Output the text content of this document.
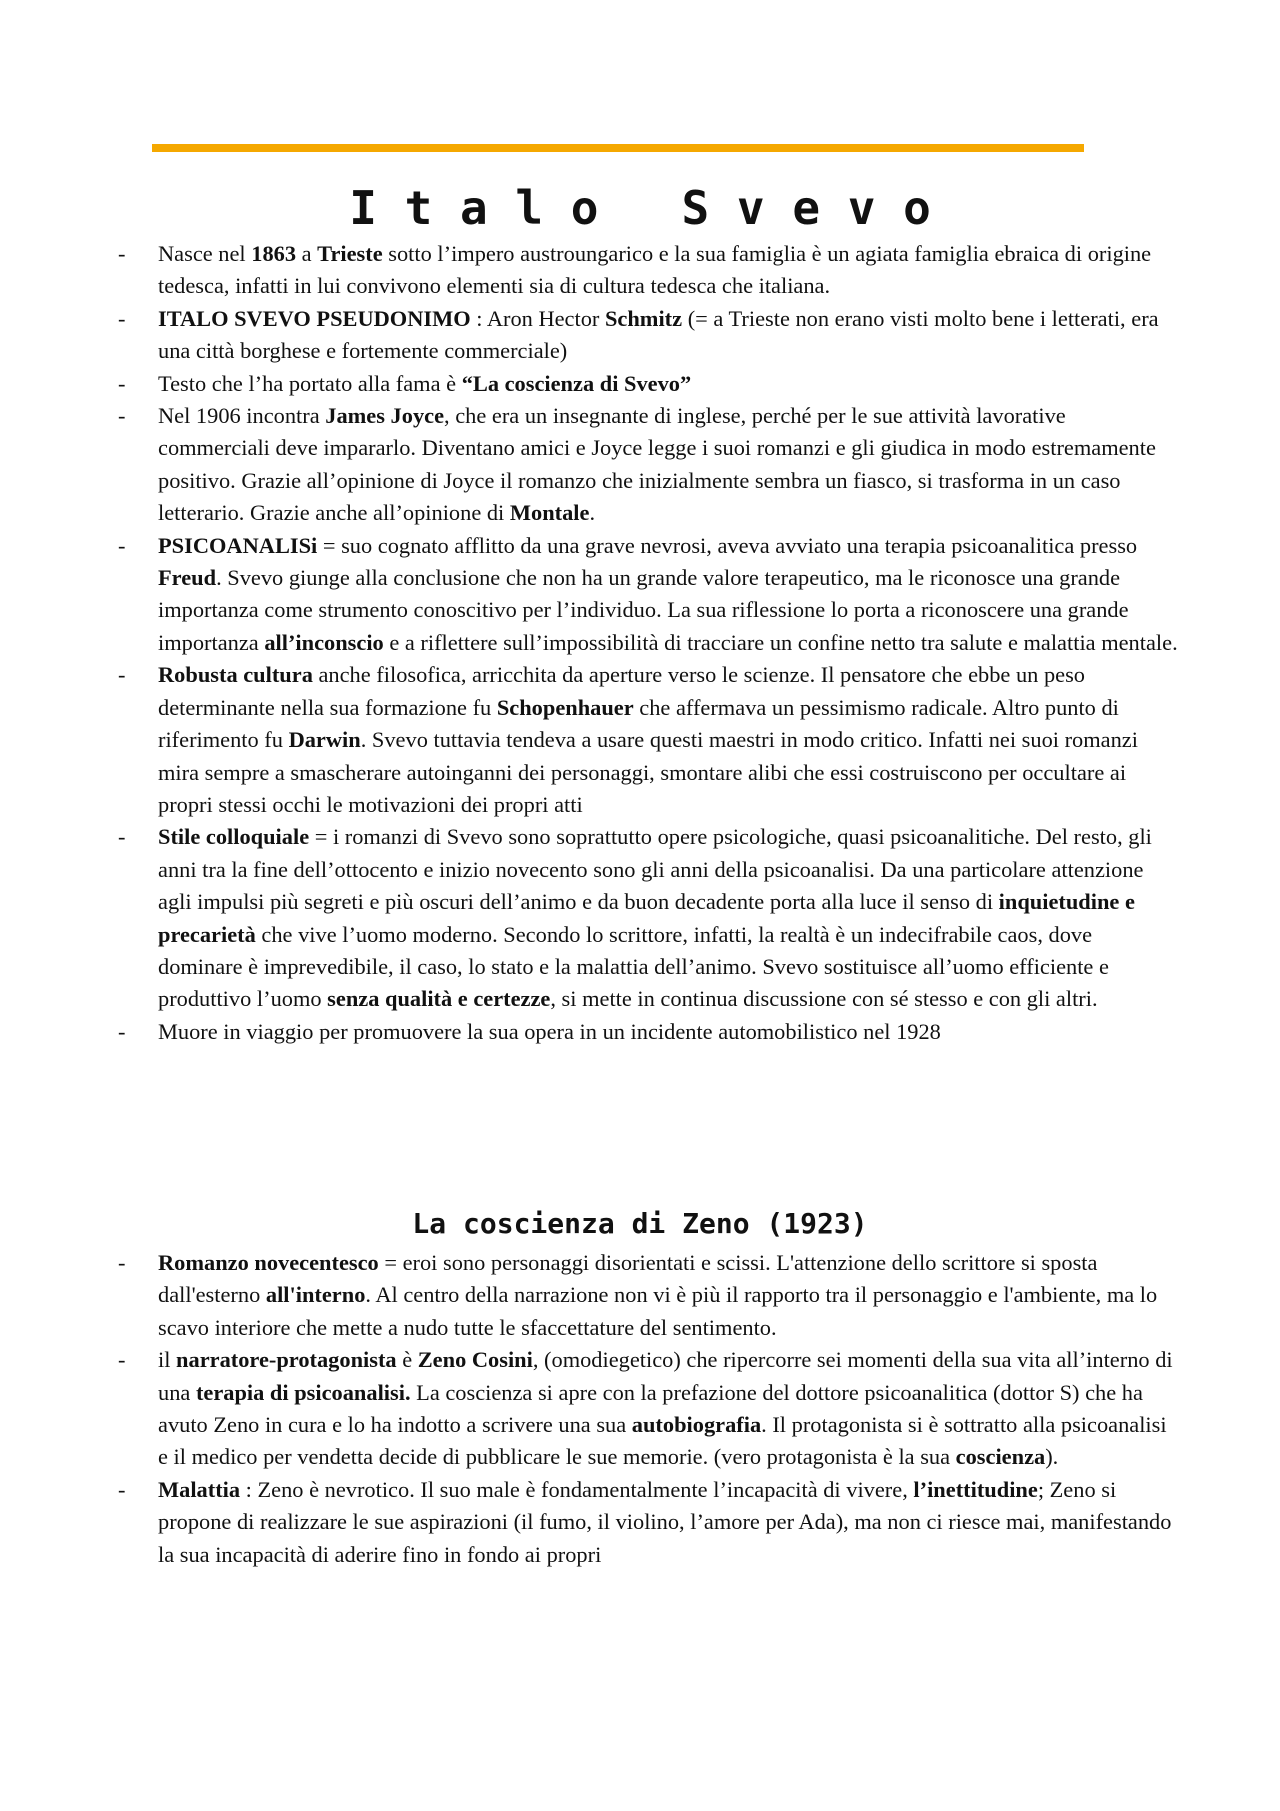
I t a l o   S v e v o
-	Nasce nel 1863 a Trieste sotto l’impero austroungarico e la sua famiglia è un agiata famiglia ebraica di origine tedesca, infatti in lui convivono elementi sia di cultura tedesca che italiana.
-	ITALO SVEVO PSEUDONIMO : Aron Hector Schmitz (= a Trieste non erano visti molto bene i letterati, era una città borghese e fortemente commerciale)
-	Testo che l’ha portato alla fama è “La coscienza di Svevo”
-	Nel 1906 incontra James Joyce, che era un insegnante di inglese, perché per le sue attività lavorative commerciali deve impararlo. Diventano amici e Joyce legge i suoi romanzi e gli giudica in modo estremamente positivo. Grazie all’opinione di Joyce il romanzo che inizialmente sembra un fiasco, si trasforma in un caso letterario. Grazie anche all’opinione di Montale.
-	PSICOANALISi = suo cognato afflitto da una grave nevrosi, aveva avviato una terapia psicoanalitica presso Freud. Svevo giunge alla conclusione che non ha un grande valore terapeutico, ma le riconosce una grande importanza come strumento conoscitivo per l’individuo. La sua riflessione lo porta a riconoscere una grande importanza all’inconscio e a riflettere sull’impossibilità di tracciare un confine netto tra salute e malattia mentale.
-	Robusta cultura anche filosofica, arricchita da aperture verso le scienze. Il pensatore che ebbe un peso determinante nella sua formazione fu Schopenhauer che affermava un pessimismo radicale. Altro punto di riferimento fu Darwin. Svevo tuttavia tendeva a usare questi maestri in modo critico. Infatti nei suoi romanzi mira sempre a smascherare autoinganni dei personaggi, smontare alibi che essi costruiscono per occultare ai propri stessi occhi le motivazioni dei propri atti
-	Stile colloquiale = i romanzi di Svevo sono soprattutto opere psicologiche, quasi psicoanalitiche. Del resto, gli anni tra la fine dell’ottocento e inizio novecento sono gli anni della psicoanalisi. Da una particolare attenzione agli impulsi più segreti e più oscuri dell’animo e da buon decadente porta alla luce il senso di inquietudine e precarietà che vive l’uomo moderno. Secondo lo scrittore, infatti, la realtà è un indecifrabile caos, dove dominare è imprevedibile, il caso, lo stato e la malattia dell’animo. Svevo sostituisce all’uomo efficiente e produttivo l’uomo senza qualità e certezze, si mette in continua discussione con sé stesso e con gli altri.
-	Muore in viaggio per promuovere la sua opera in un incidente automobilistico nel 1928
La coscienza di Zeno (1923)
-	Romanzo novecentesco = eroi sono personaggi disorientati e scissi. L'attenzione dello scrittore si sposta dall'esterno all'interno. Al centro della narrazione non vi è più il rapporto tra il personaggio e l'ambiente, ma lo scavo interiore che mette a nudo tutte le sfaccettature del sentimento.
-	il narratore-protagonista è Zeno Cosini, (omodiegetico) che ripercorre sei momenti della sua vita all’interno di una terapia di psicoanalisi. La coscienza si apre con la prefazione del dottore psicoanalitica (dottor S) che ha avuto Zeno in cura e lo ha indotto a scrivere una sua autobiografia. Il protagonista si è sottratto alla psicoanalisi e il medico per vendetta decide di pubblicare le sue memorie. (vero protagonista è la sua coscienza).
-	Malattia : Zeno è nevrotico. Il suo male è fondamentalmente l’incapacità di vivere, l’inettitudine; Zeno si propone di realizzare le sue aspirazioni (il fumo, il violino, l’amore per Ada), ma non ci riesce mai, manifestando la sua incapacità di aderire fino in fondo ai propri
